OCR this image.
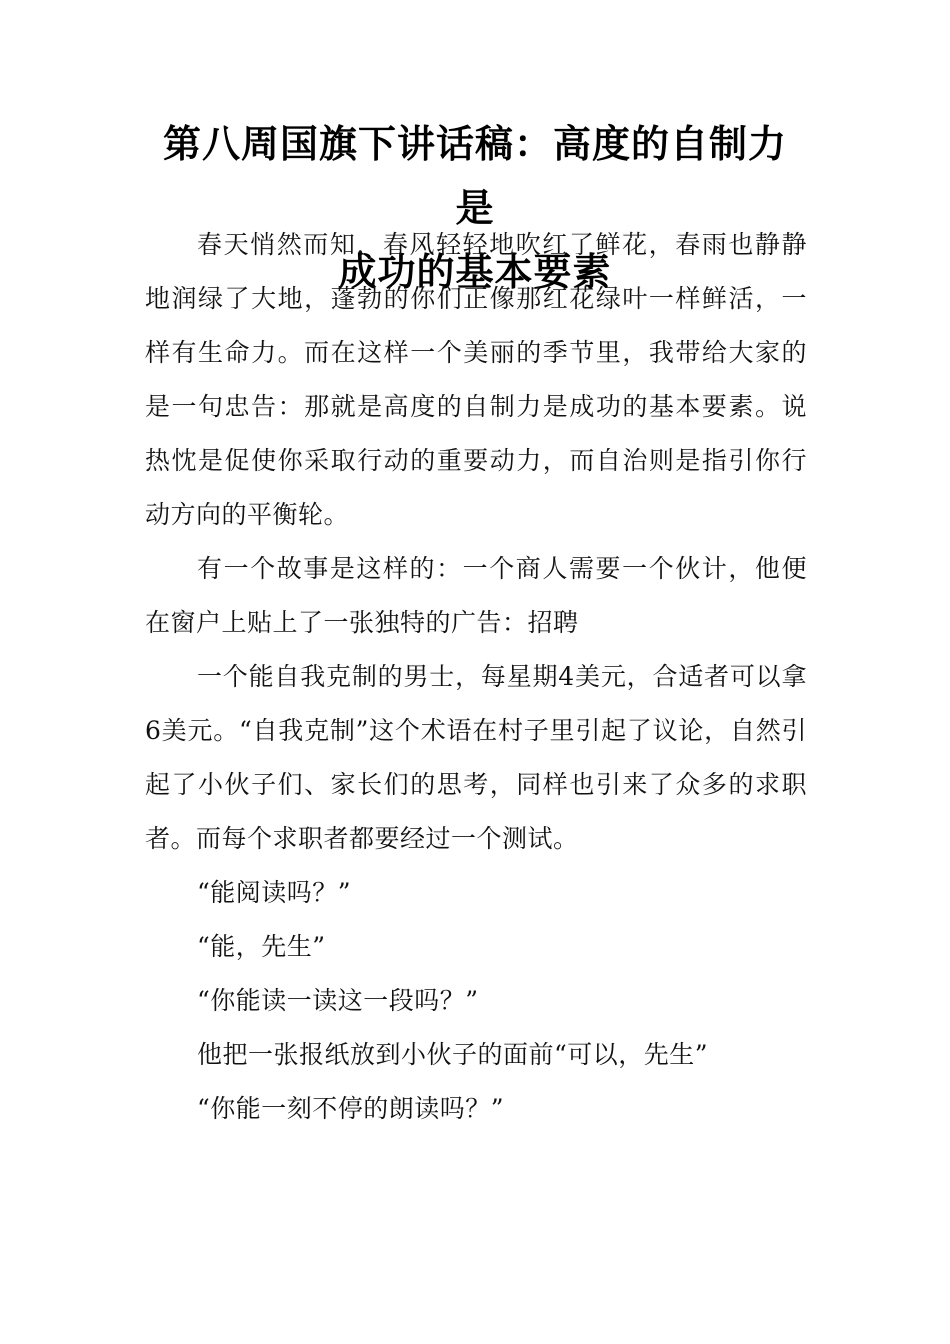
第八周国旗下讲话稿：高度的自制力是
成功的基本要素

春天悄然而知，春风轻轻地吹红了鲜花，春雨也静静地润绿了大地，蓬勃的你们正像那红花绿叶一样鲜活，一样有生命力。而在这样一个美丽的季节里，我带给大家的是一句忠告：那就是高度的自制力是成功的基本要素。说热忱是促使你采取行动的重要动力，而自治则是指引你行动方向的平衡轮。

有一个故事是这样的：一个商人需要一个伙计，他便在窗户上贴上了一张独特的广告：招聘

一个能自我克制的男士，每星期4美元，合适者可以拿6美元。“自我克制”这个术语在村子里引起了议论，自然引起了小伙子们、家长们的思考，同样也引来了众多的求职者。而每个求职者都要经过一个测试。

“能阅读吗？”

“能，先生”

“你能读一读这一段吗？”

他把一张报纸放到小伙子的面前“可以，先生”

“你能一刻不停的朗读吗？”
